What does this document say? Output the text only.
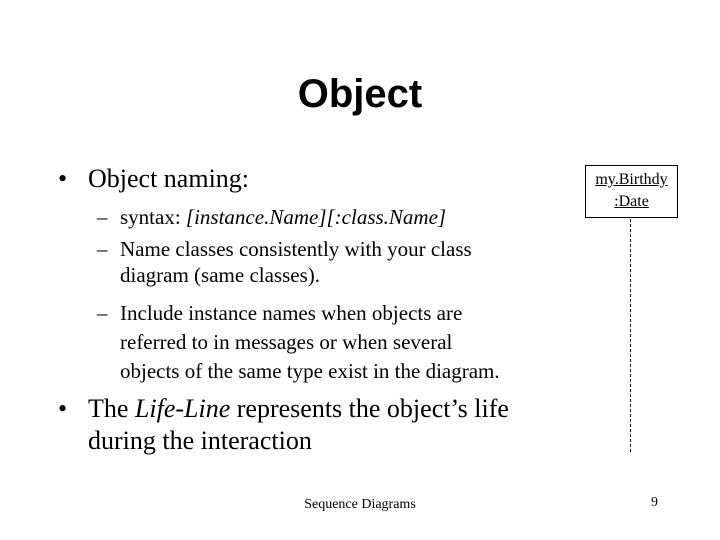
Object
• Object naming:
– syntax: [instance.Name][:class.Name]
– Name classes consistently with your class
diagram (same classes).
– Include instance names when objects are
referred to in messages or when several
objects of the same type exist in the diagram.
• The Life-Line represents the object’s life
during the interaction
my.Birthdy
:Date
Sequence Diagrams	9
